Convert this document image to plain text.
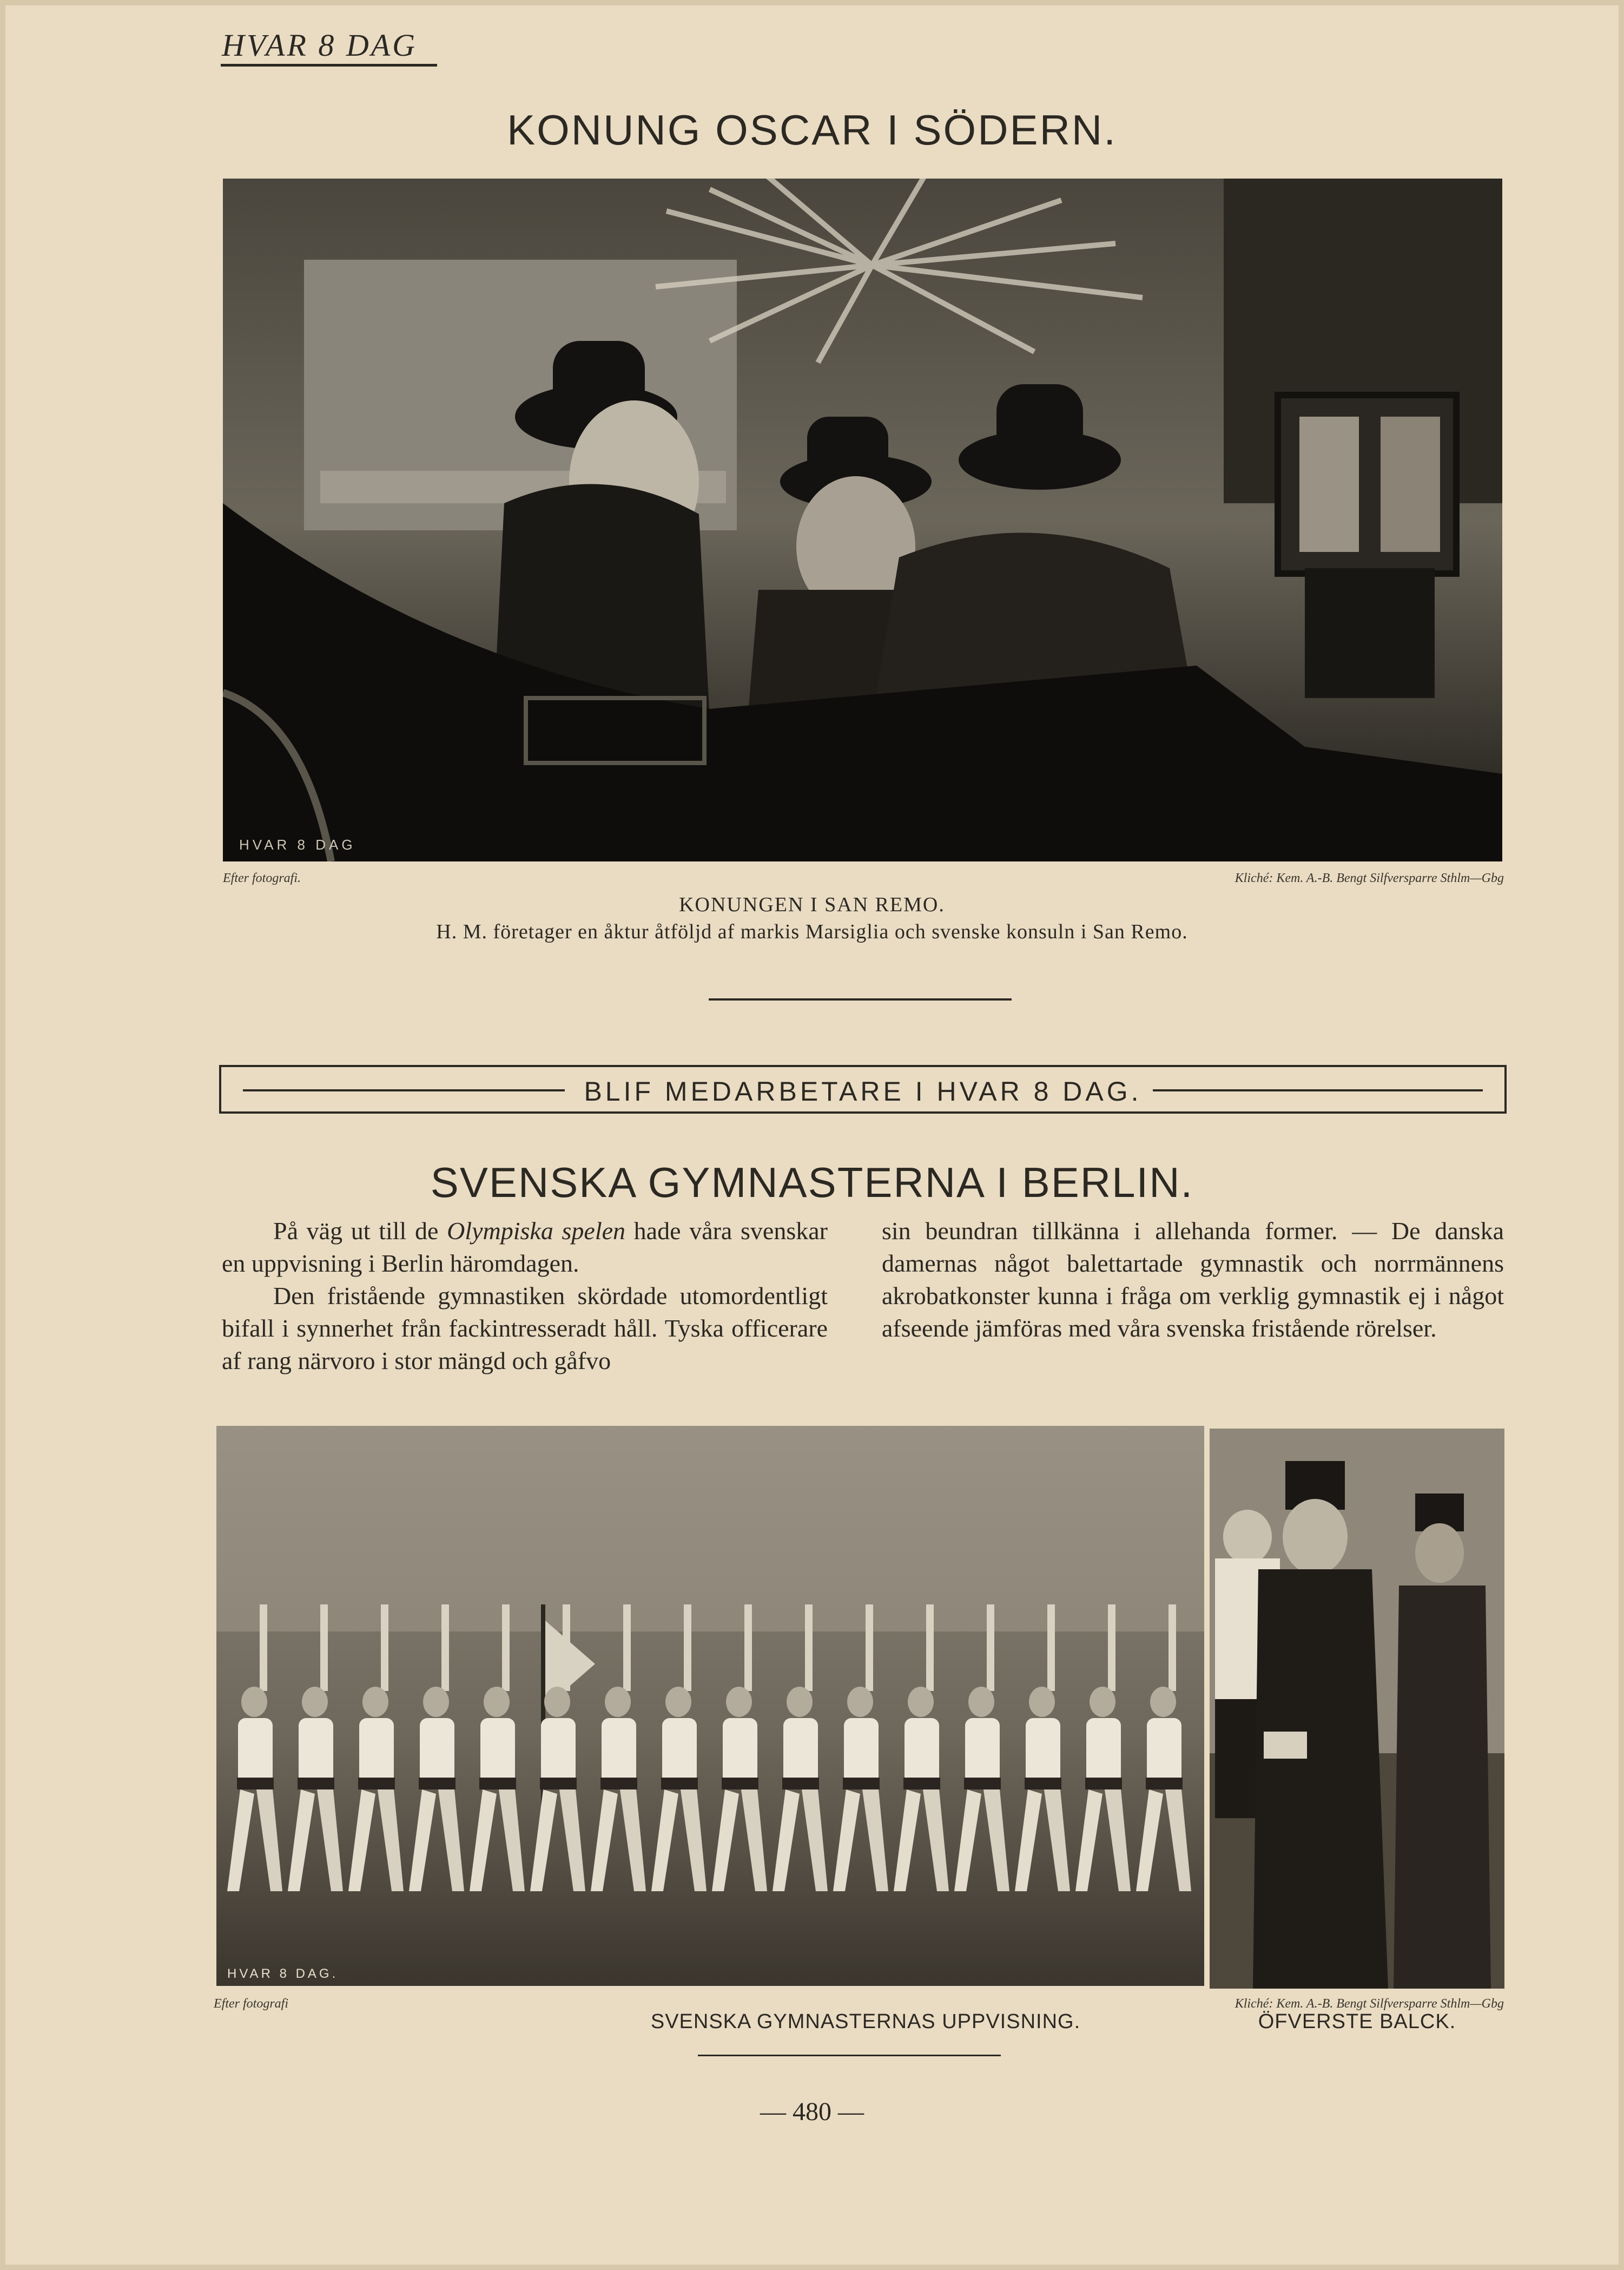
HVAR 8 DAG
KONUNG OSCAR I SÖDERN.
HVAR 8 DAG
Efter fotografi.	Kliché: Kem. A.-B. Bengt Silfversparre Sthlm—Gbg
KONUNGEN I SAN REMO.
H. M. företager en åktur åtföljd af markis Marsiglia och svenske konsuln i San Remo.
BLIF MEDARBETARE I HVAR 8 DAG.
SVENSKA GYMNASTERNA I BERLIN.

På väg ut till de Olympiska spelen hade våra svenskar en uppvisning i Berlin häromdagen.

Den fristående gymnastiken skördade utomordentligt bifall i synnerhet från fackintresseradt håll. Tyska officerare af rang närvoro i stor mängd och gåfvo

sin beundran tillkänna i allehanda former. — De danska damernas något balettartade gymnastik och norrmännens akrobatkonster kunna i fråga om verklig gymnastik ej i något afseende jämföras med våra svenska fristående rörelser.

HVAR 8 DAG.
Efter fotografi	Kliché: Kem. A.-B. Bengt Silfversparre Sthlm—Gbg
SVENSKA GYMNASTERNAS UPPVISNING.	ÖFVERSTE BALCK.
— 480 —
